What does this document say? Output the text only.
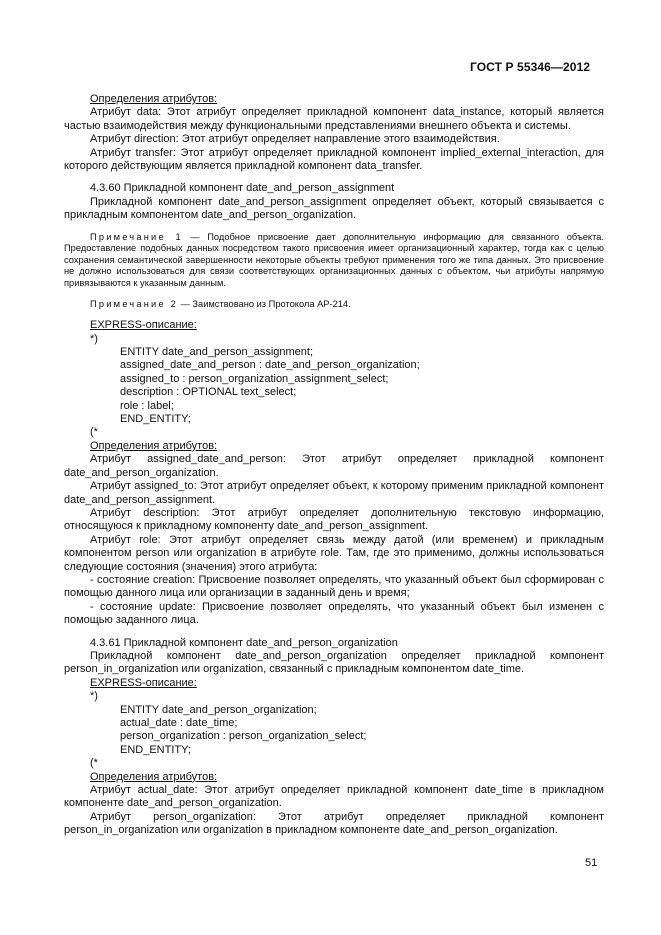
ГОСТ Р 55346—2012

Определения атрибутов:

Атрибут data: Этот атрибут определяет прикладной компонент data_instance, который является частью взаимодействия между функциональными представлениями внешнего объекта и системы.

Атрибут direction: Этот атрибут определяет направление этого взаимодействия.

Атрибут transfer: Этот атрибут определяет прикладной компонент implied_external_interaction, для которого действующим является прикладной компонент data_transfer.

4.3.60 Прикладной компонент date_and_person_assignment

Прикладной компонент date_and_person_assignment определяет объект, который связывается с прикладным компонентом date_and_person_organization.

Примечание 1 — Подобное присвоение дает дополнительную информацию для связанного объекта. Предоставление подобных данных посредством такого присвоения имеет организационный характер, тогда как с целью сохранения семантической завершенности некоторые объекты требуют применения того же типа данных. Это присвоение не должно использоваться для связи соответствующих организационных данных с объектом, чьи атрибуты напрямую привязываются к указанным данным.

Примечание 2 — Заимствовано из Протокола АР-214.

EXPRESS-описание:

*)

ENTITY date_and_person_assignment;
assigned_date_and_person : date_and_person_organization;
assigned_to : person_organization_assignment_select;
description : OPTIONAL text_select;
role : label;
END_ENTITY;

(*

Определения атрибутов:

Атрибут assigned_date_and_person: Этот атрибут определяет прикладной компонент date_and_person_organization.

Атрибут assigned_to: Этот атрибут определяет объект, к которому применим прикладной компонент date_and_person_assignment.

Атрибут description: Этот атрибут определяет дополнительную текстовую информацию, относящуюся к прикладному компоненту date_and_person_assignment.

Атрибут role: Этот атрибут определяет связь между датой (или временем) и прикладным компонентом person или organization в атрибуте role. Там, где это применимо, должны использоваться следующие состояния (значения) этого атрибута:

- состояние creation: Присвоение позволяет определять, что указанный объект был сформирован с помощью данного лица или организации в заданный день и время;

- состояние update: Присвоение позволяет определять, что указанный объект был изменен с помощью заданного лица.

4.3.61 Прикладной компонент date_and_person_organization

Прикладной компонент date_and_person_organization определяет прикладной компонент person_in_organization или organization, связанный с прикладным компонентом date_time.

EXPRESS-описание:

*)

ENTITY date_and_person_organization;
actual_date : date_time;
person_organization : person_organization_select;
END_ENTITY;

(*

Определения атрибутов:

Атрибут actual_date: Этот атрибут определяет прикладной компонент date_time в прикладном компоненте date_and_person_organization.

Атрибут person_organization: Этот атрибут определяет прикладной компонент person_in_organization или organization в прикладном компоненте date_and_person_organization.

51
